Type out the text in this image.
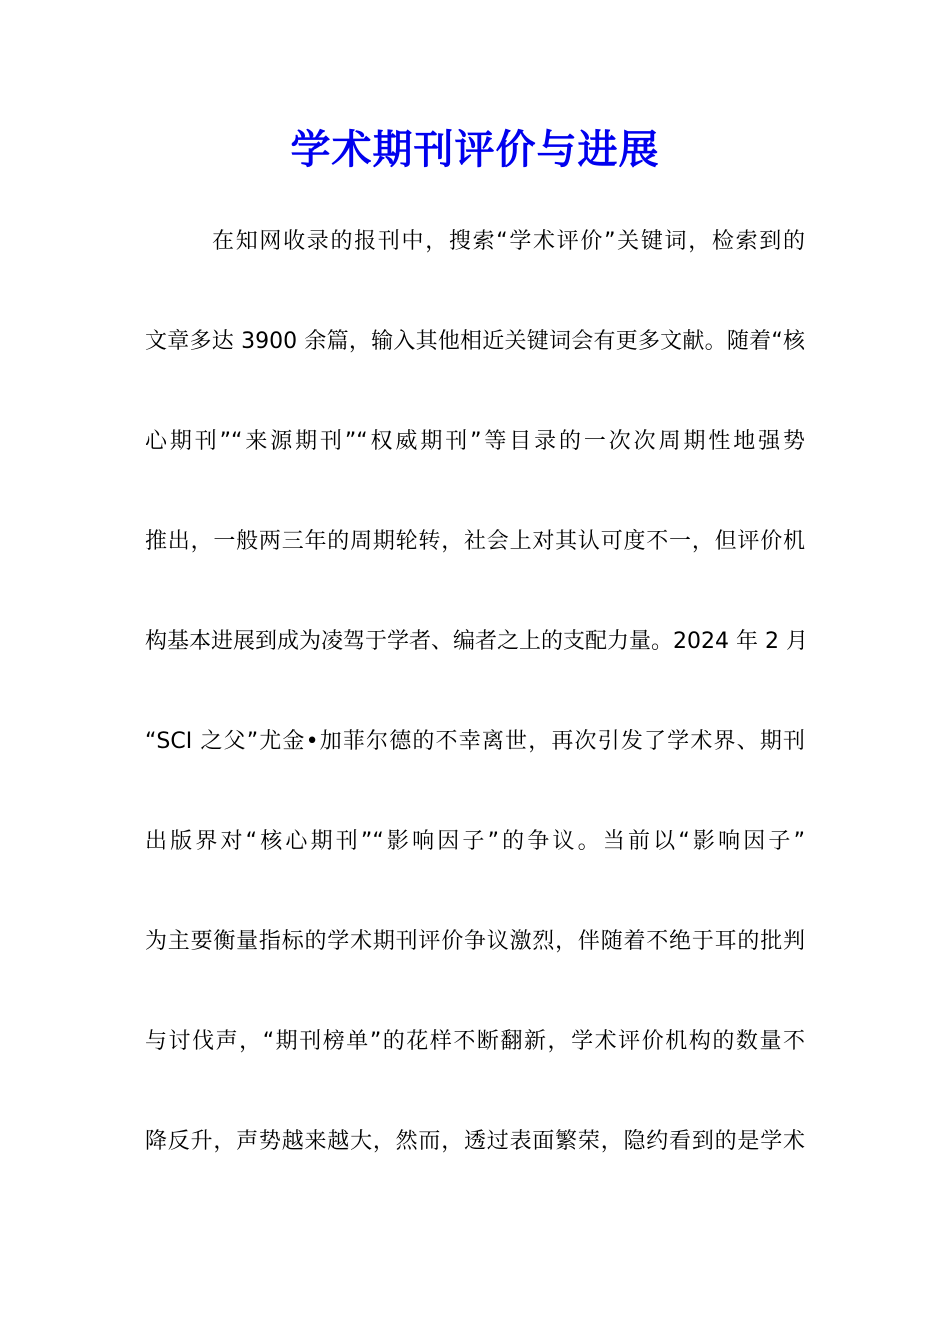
学术期刊评价与进展
在知网收录的报刊中，搜索“学术评价”关键词，检索到的
文章多达 3900 余篇，输入其他相近关键词会有更多文献。随着“核
心期刊”“来源期刊”“权威期刊”等目录的一次次周期性地强势
推出，一般两三年的周期轮转，社会上对其认可度不一，但评价机
构基本进展到成为凌驾于学者、编者之上的支配力量。2024 年 2 月
“SCI 之父”尤金•加菲尔德的不幸离世，再次引发了学术界、期刊
出版界对“核心期刊”“影响因子”的争议。当前以“影响因子”
为主要衡量指标的学术期刊评价争议激烈，伴随着不绝于耳的批判
与讨伐声，“期刊榜单”的花样不断翻新，学术评价机构的数量不
降反升，声势越来越大，然而，透过表面繁荣，隐约看到的是学术
